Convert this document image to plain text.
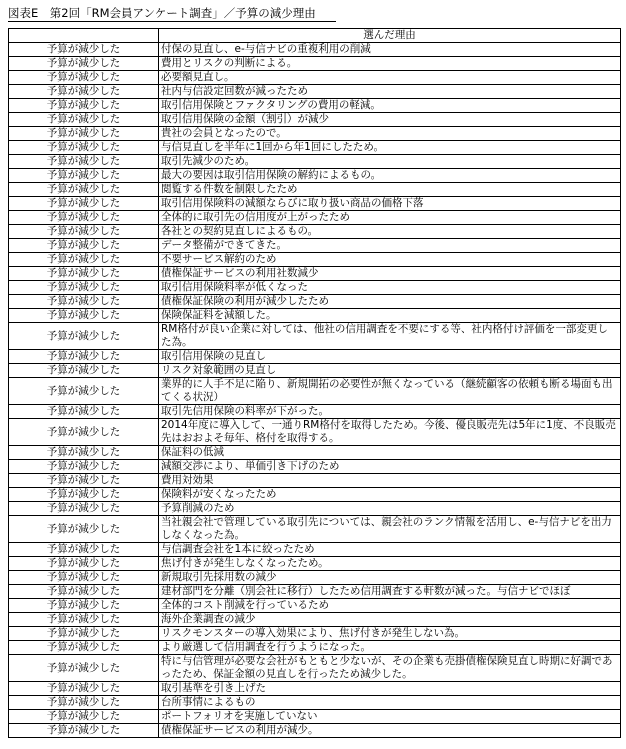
図表E　第2回「RM会員アンケート調査」／予算の減少理由
	選んだ理由
予算が減少した	付保の見直し、e-与信ナビの重複利用の削減
予算が減少した	費用とリスクの判断による。
予算が減少した	必要額見直し。
予算が減少した	社内与信設定回数が減ったため
予算が減少した	取引信用保険とファクタリングの費用の軽減。
予算が減少した	取引信用保険の金額（割引）が減少
予算が減少した	貴社の会員となったので。
予算が減少した	与信見直しを半年に1回から年1回にしたため。
予算が減少した	取引先減少のため。
予算が減少した	最大の要因は取引信用保険の解約によるもの。
予算が減少した	閲覧する件数を制限したため
予算が減少した	取引信用保険料の減額ならびに取り扱い商品の価格下落
予算が減少した	全体的に取引先の信用度が上がったため
予算が減少した	各社との契約見直しによるもの。
予算が減少した	データ整備ができてきた。
予算が減少した	不要サービス解約のため
予算が減少した	債権保証サービスの利用社数減少
予算が減少した	取引信用保険料率が低くなった
予算が減少した	債権保証保険の利用が減少したため
予算が減少した	保険保証料を減額した。
予算が減少した	RM格付が良い企業に対しては、他社の信用調査を不要にする等、社内格付け評価を一部変更した為。
予算が減少した	取引信用保険の見直し
予算が減少した	リスク対象範囲の見直し
予算が減少した	業界的に人手不足に陥り、新規開拓の必要性が無くなっている（継続顧客の依頼も断る場面も出てくる状況）
予算が減少した	取引先信用保険の料率が下がった。
予算が減少した	2014年度に導入して、一通りRM格付を取得したため。今後、優良販売先は5年に1度、不良販売先はおおよそ毎年、格付を取得する。
予算が減少した	保証料の低減
予算が減少した	減額交渉により、単価引き下げのため
予算が減少した	費用対効果
予算が減少した	保険料が安くなったため
予算が減少した	予算削減のため
予算が減少した	当社親会社で管理している取引先については、親会社のランク情報を活用し、e-与信ナビを出力しなくなった為。
予算が減少した	与信調査会社を1本に絞ったため
予算が減少した	焦げ付きが発生しなくなったため。
予算が減少した	新規取引先採用数の減少
予算が減少した	建材部門を分離（別会社に移行）したため信用調査する軒数が減った。与信ナビでほぼ
予算が減少した	全体的コスト削減を行っているため
予算が減少した	海外企業調査の減少
予算が減少した	リスクモンスターの導入効果により、焦げ付きが発生しない為。
予算が減少した	より厳選して信用調査を行うようになった。
予算が減少した	特に与信管理が必要な会社がもともと少ないが、その企業も売掛債権保険見直し時期に好調であったため、保証金額の見直しを行ったため減少した。
予算が減少した	取引基準を引き上げた
予算が減少した	台所事情によるもの
予算が減少した	ポートフォリオを実施していない
予算が減少した	債権保証サービスの利用が減少。
